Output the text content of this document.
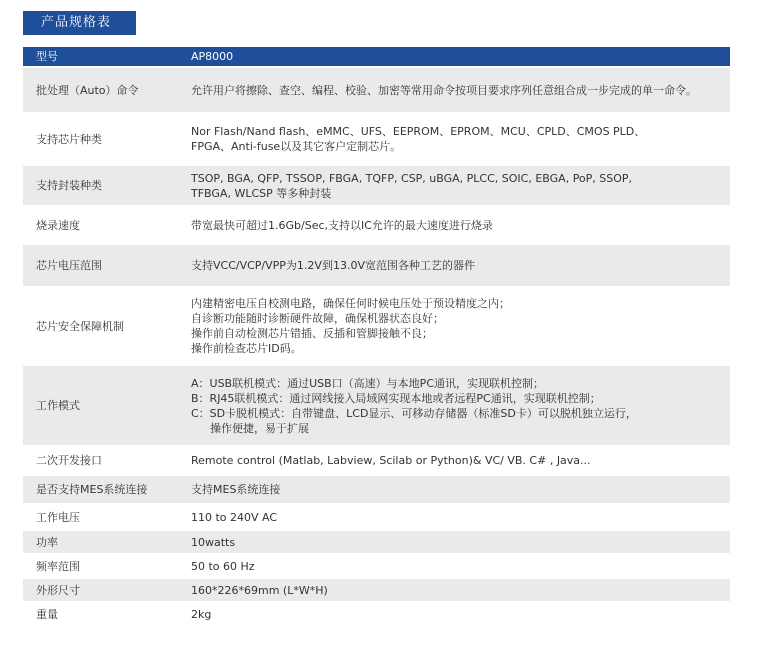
产品规格表
型号	AP8000
批处理（Auto）命令	允许用户将擦除、查空、编程、校验、加密等常用命令按项目要求序列任意组合成一步完成的单一命令。

支持芯片种类	Nor Flash/Nand flash、eMMC、UFS、EEPROM、EPROM、MCU、CPLD、CMOS PLD、
FPGA、Anti-fuse以及其它客户定制芯片。

支持封装种类	TSOP, BGA, QFP, TSSOP, FBGA, TQFP, CSP, uBGA, PLCC, SOIC, EBGA, PoP, SSOP,
TFBGA, WLCSP 等多种封装

烧录速度	带宽最快可超过1.6Gb/Sec,支持以IC允许的最大速度进行烧录

芯片电压范围	支持VCC/VCP/VPP为1.2V到13.0V宽范围各种工艺的器件

芯片安全保障机制	内建精密电压自校测电路，确保任何时候电压处于预设精度之内；
自诊断功能随时诊断硬件故障，确保机器状态良好；
操作前自动检测芯片错插、反插和管脚接触不良；
操作前检查芯片ID码。

工作模式	A：USB联机模式：通过USB口（高速）与本地PC通讯，实现联机控制；
B：RJ45联机模式：通过网线接入局域网实现本地或者远程PC通讯，实现联机控制；
C：SD卡脱机模式：自带键盘、LCD显示、可移动存储器（标准SD卡）可以脱机独立运行，
操作便捷，易于扩展

二次开发接口	Remote control (Matlab, Labview, Scilab or Python)& VC/ VB. C# , Java...

是否支持MES系统连接	支持MES系统连接

工作电压	110 to 240V AC

功率	10watts

频率范围	50 to 60 Hz

外形尺寸	160*226*69mm (L*W*H)

重量	2kg
